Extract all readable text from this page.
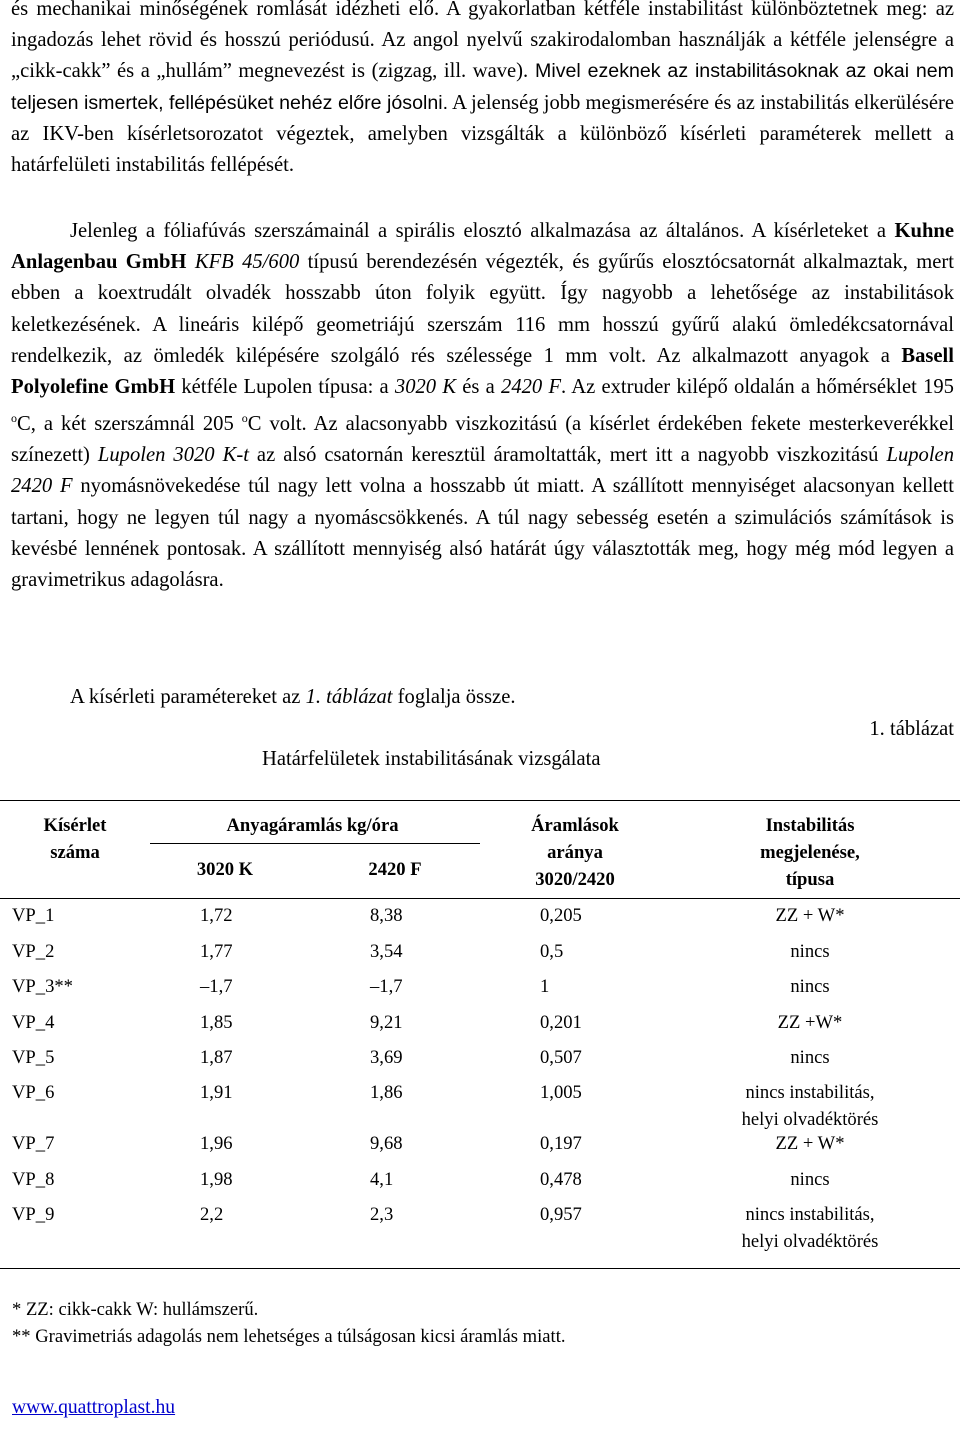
és mechanikai minőségének romlását idézheti elő. A gyakorlatban kétféle instabilitást különböztetnek meg: az ingadozás lehet rövid és hosszú periódusú. Az angol nyelvű szakirodalomban használják a kétféle jelenségre a „cikk-cakk” és a „hullám” megnevezést is (zigzag, ill. wave). Mivel ezeknek az instabilitásoknak az okai nem teljesen ismertek, fellépésüket nehéz előre jósolni. A jelenség jobb megismerésére és az instabilitás elkerülésére az IKV-ben kísérletsorozatot végeztek, amelyben vizsgálták a különböző kísérleti paraméterek mellett a határfelületi instabilitás fellépését.

Jelenleg a fóliafúvás szerszámainál a spirális elosztó alkalmazása az általános. A kísérleteket a Kuhne Anlagenbau GmbH KFB 45/600 típusú berendezésén végezték, és gyűrűs elosztócsatornát alkalmaztak, mert ebben a koextrudált olvadék hosszabb úton folyik együtt. Így nagyobb a lehetősége az instabilitások keletkezésének. A lineáris kilépő geometriájú szerszám 116 mm hosszú gyűrű alakú ömledékcsatornával rendelkezik, az ömledék kilépésére szolgáló rés szélessége 1 mm volt. Az alkalmazott anyagok a Basell Polyolefine GmbH kétféle Lupolen típusa: a 3020 K és a 2420 F. Az extruder kilépő oldalán a hőmérséklet 195 $^o$C, a két szerszámnál 205 $^o$C volt. Az alacsonyabb viszkozitású (a kísérlet érdekében fekete mesterkeverékkel színezett) Lupolen 3020 K-t az alsó csatornán keresztül áramoltatták, mert itt a nagyobb viszkozitású Lupolen 2420 F nyomásnövekedése túl nagy lett volna a hosszabb út miatt. A szállított mennyiséget alacsonyan kellett tartani, hogy ne legyen túl nagy a nyomáscsökkenés. A túl nagy sebesség esetén a szimulációs számítások is kevésbé lennének pontosak. A szállított mennyiség alsó határát úgy választották meg, hogy még mód legyen a gravimetrikus adagolásra.

A kísérleti paramétereket az 1. táblázat foglalja össze.

1. táblázat
Határfelületek instabilitásának vizsgálata
Kísérlet
száma
Anyagáramlás kg/óra
3020 K	2420 F
Áramlások
aránya
3020/2420
Instabilitás
megjelenése,
típusa
VP_1	1,72	8,38	0,205	ZZ + W*
VP_2	1,77	3,54	0,5	nincs
VP_3**	–1,7	–1,7	1	nincs
VP_4	1,85	9,21	0,201	ZZ +W*
VP_5	1,87	3,69	0,507	nincs
VP_6	1,91	1,86	1,005	nincs instabilitás,
helyi olvadéktörés
VP_7	1,96	9,68	0,197	ZZ + W*
VP_8	1,98	4,1	0,478	nincs
VP_9	2,2	2,3	0,957	nincs instabilitás,
helyi olvadéktörés
* ZZ: cikk-cakk W: hullámszerű.
** Gravimetriás adagolás nem lehetséges a túlságosan kicsi áramlás miatt.
www.quattroplast.hu
